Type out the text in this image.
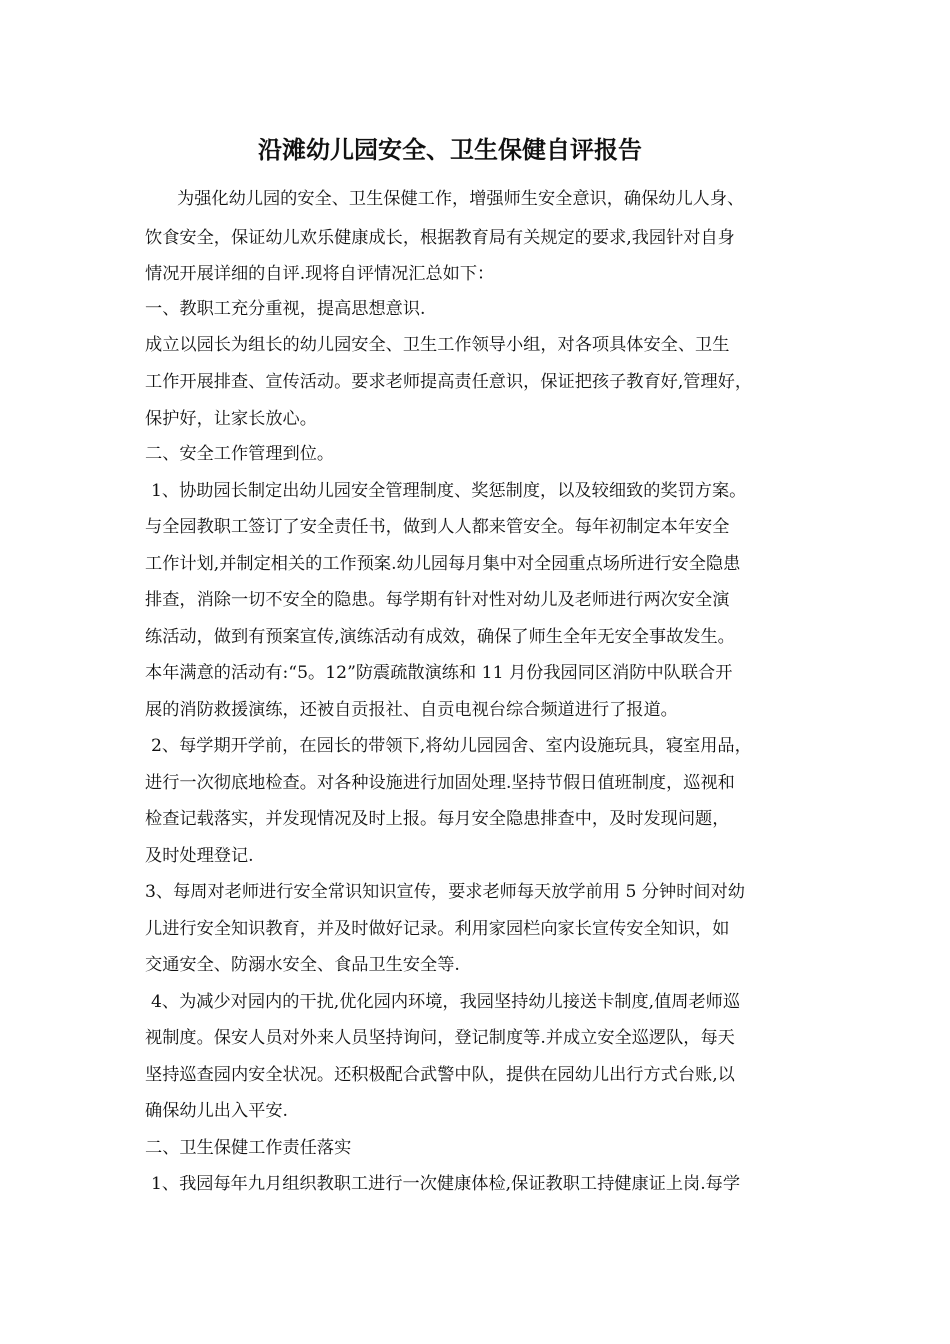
沿滩幼儿园安全、卫生保健自评报告
为强化幼儿园的安全、卫生保健工作，增强师生安全意识，确保幼儿人身、
饮食安全，保证幼儿欢乐健康成长，根据教育局有关规定的要求,我园针对自身
情况开展详细的自评.现将自评情况汇总如下：
一、教职工充分重视，提高思想意识.
成立以园长为组长的幼儿园安全、卫生工作领导小组，对各项具体安全、卫生
工作开展排查、宣传活动。要求老师提高责任意识，保证把孩子教育好,管理好，
保护好，让家长放心。
二、安全工作管理到位。
1、协助园长制定出幼儿园安全管理制度、奖惩制度，以及较细致的奖罚方案。
与全园教职工签订了安全责任书，做到人人都来管安全。每年初制定本年安全
工作计划,并制定相关的工作预案.幼儿园每月集中对全园重点场所进行安全隐患
排查，消除一切不安全的隐患。每学期有针对性对幼儿及老师进行两次安全演
练活动，做到有预案宣传,演练活动有成效，确保了师生全年无安全事故发生。
本年满意的活动有:“5。12”防震疏散演练和 11 月份我园同区消防中队联合开
展的消防救援演练，还被自贡报社、自贡电视台综合频道进行了报道。
2、每学期开学前，在园长的带领下,将幼儿园园舍、室内设施玩具，寝室用品，
进行一次彻底地检查。对各种设施进行加固处理.坚持节假日值班制度，巡视和
检查记载落实，并发现情况及时上报。每月安全隐患排查中，及时发现问题，
及时处理登记.
3、每周对老师进行安全常识知识宣传，要求老师每天放学前用 5 分钟时间对幼
儿进行安全知识教育，并及时做好记录。利用家园栏向家长宣传安全知识，如
交通安全、防溺水安全、食品卫生安全等.
4、为减少对园内的干扰,优化园内环境，我园坚持幼儿接送卡制度,值周老师巡
视制度。保安人员对外来人员坚持询问，登记制度等.并成立安全巡逻队，每天
坚持巡查园内安全状况。还积极配合武警中队，提供在园幼儿出行方式台账,以
确保幼儿出入平安.
二、卫生保健工作责任落实
1、我园每年九月组织教职工进行一次健康体检,保证教职工持健康证上岗.每学
